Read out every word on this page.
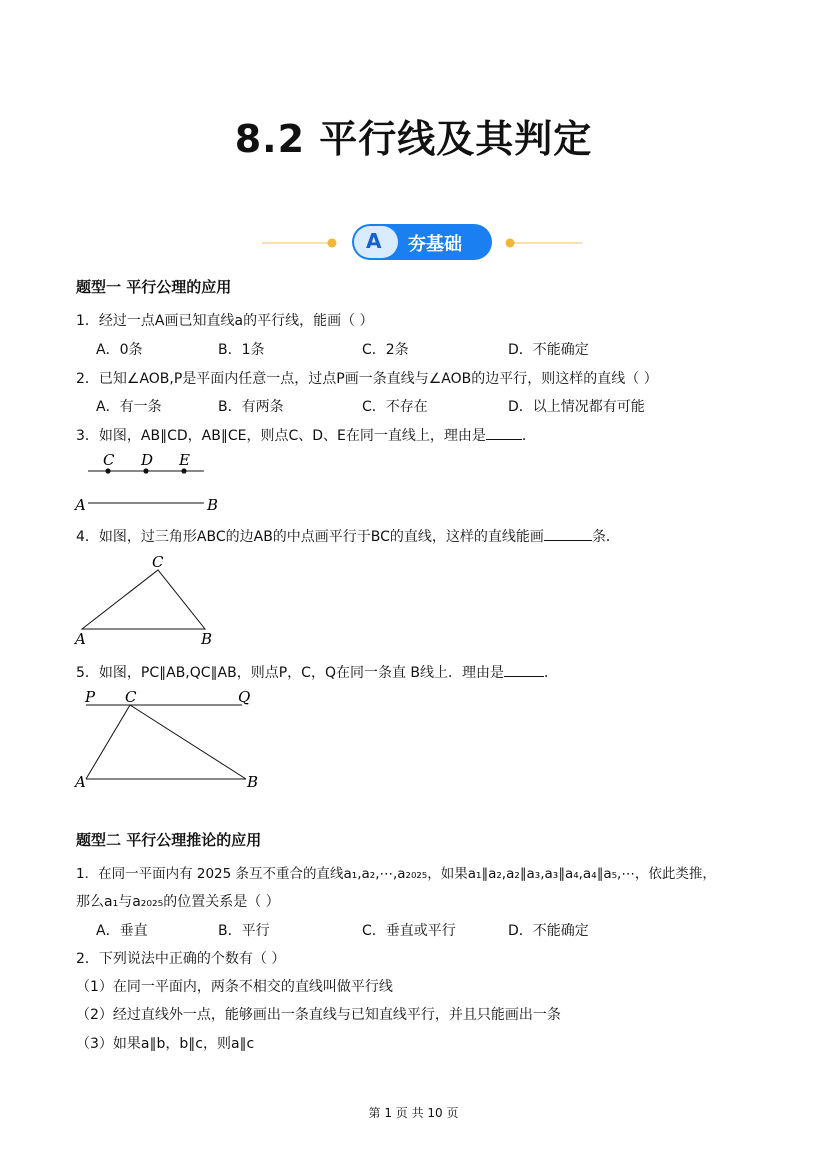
8.2 平行线及其判定
A 夯基础
题型一 平行公理的应用
1．经过一点A画已知直线a的平行线，能画（ ）
A．0条	B．1条	C．2条	D．不能确定
2．已知∠AOB,P是平面内任意一点，过点P画一条直线与∠AOB的边平行，则这样的直线（ ）
A．有一条	B．有两条	C．不存在	D．以上情况都有可能
3．如图，AB∥CD，AB∥CE，则点C、D、E在同一直线上，理由是	．
C D E
A	B
4．如图，过三角形ABC的边AB的中点画平行于BC的直线，这样的直线能画	条．
C
A	B
5．如图，PC∥AB,QC∥AB，则点P，C，Q在同一条直 B线上．理由是	．
P C	Q
A	B
题型二 平行公理推论的应用
1．在同一平面内有 2025 条互不重合的直线a₁,a₂,⋯,a₂₀₂₅，如果a₁∥a₂,a₂∥a₃,a₃∥a₄,a₄∥a₅,⋯，依此类推，
那么a₁与a₂₀₂₅的位置关系是（ ）
A．垂直	B．平行	C．垂直或平行	D．不能确定
2．下列说法中正确的个数有（ ）
（1）在同一平面内，两条不相交的直线叫做平行线
（2）经过直线外一点，能够画出一条直线与已知直线平行，并且只能画出一条
（3）如果a∥b，b∥c，则a∥c
第 1 页 共 10 页
